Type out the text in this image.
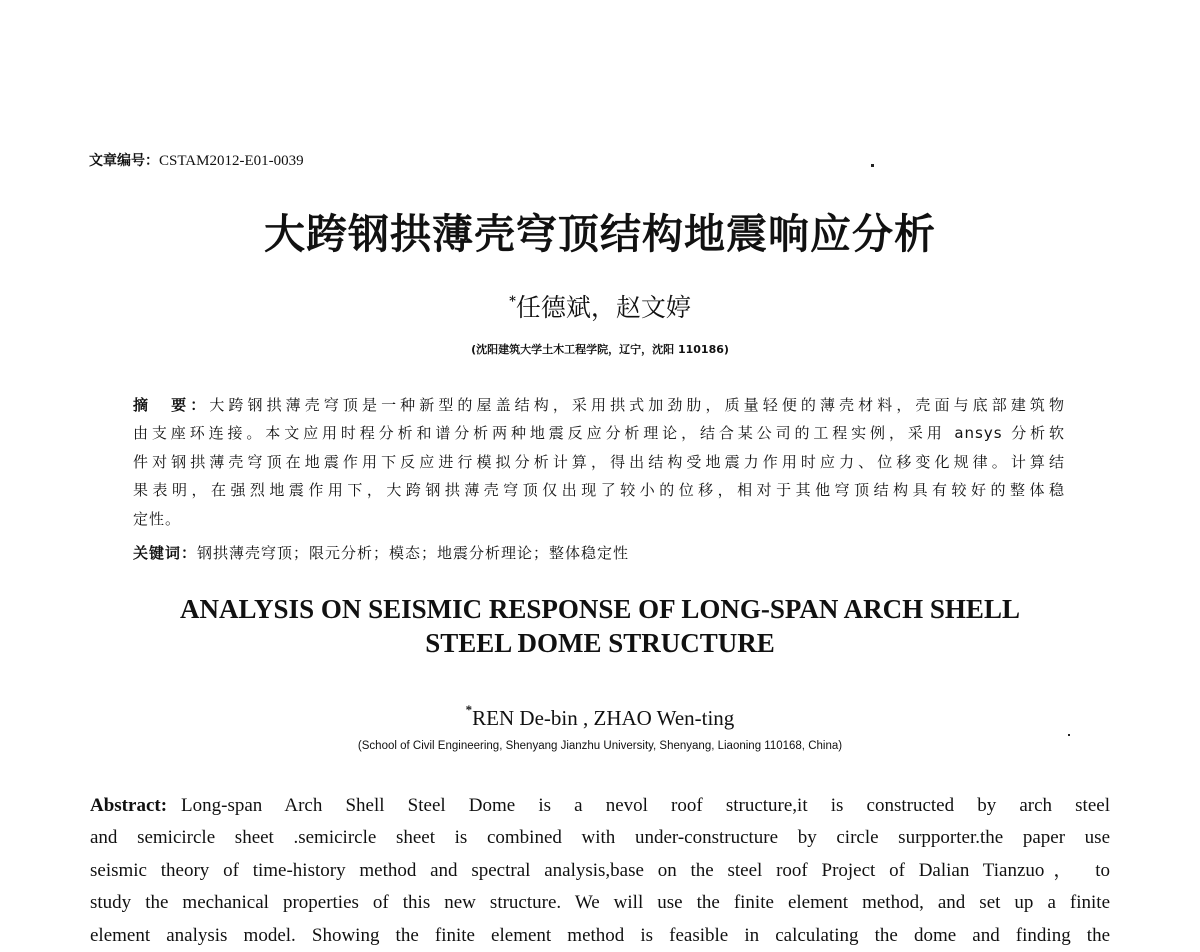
文章编号：CSTAM2012-E01-0039
大跨钢拱薄壳穹顶结构地震响应分析
*任德斌，赵文婷
(沈阳建筑大学土木工程学院，辽宁，沈阳 110186)
摘　要：大跨钢拱薄壳穹顶是一种新型的屋盖结构，采用拱式加劲肋，质量轻便的薄壳材料，壳面与底部建筑物
由支座环连接。本文应用时程分析和谱分析两种地震反应分析理论，结合某公司的工程实例，采用 ansys 分析软
件对钢拱薄壳穹顶在地震作用下反应进行模拟分析计算，得出结构受地震力作用时应力、位移变化规律。计算结
果表明，在强烈地震作用下，大跨钢拱薄壳穹顶仅出现了较小的位移，相对于其他穹顶结构具有较好的整体稳
定性。
关键词：钢拱薄壳穹顶；限元分析；模态；地震分析理论；整体稳定性
ANALYSIS ON SEISMIC RESPONSE OF LONG-SPAN ARCH SHELL
STEEL DOME STRUCTURE
*REN De-bin , ZHAO Wen-ting
(School of Civil Engineering, Shenyang Jianzhu University, Shenyang, Liaoning 110168, China)
Abstract: Long-span Arch Shell Steel Dome is a nevol roof structure,it is constructed by arch steel
and semicircle sheet .semicircle sheet is combined with under-constructure by circle surpporter.the paper use
seismic theory of time-history method and spectral analysis,base on the steel roof Project of Dalian Tianzuo， to
study the mechanical properties of this new structure. We will use the finite element method, and set up a finite
element analysis model. Showing the finite element method is feasible in calculating the dome and finding the
